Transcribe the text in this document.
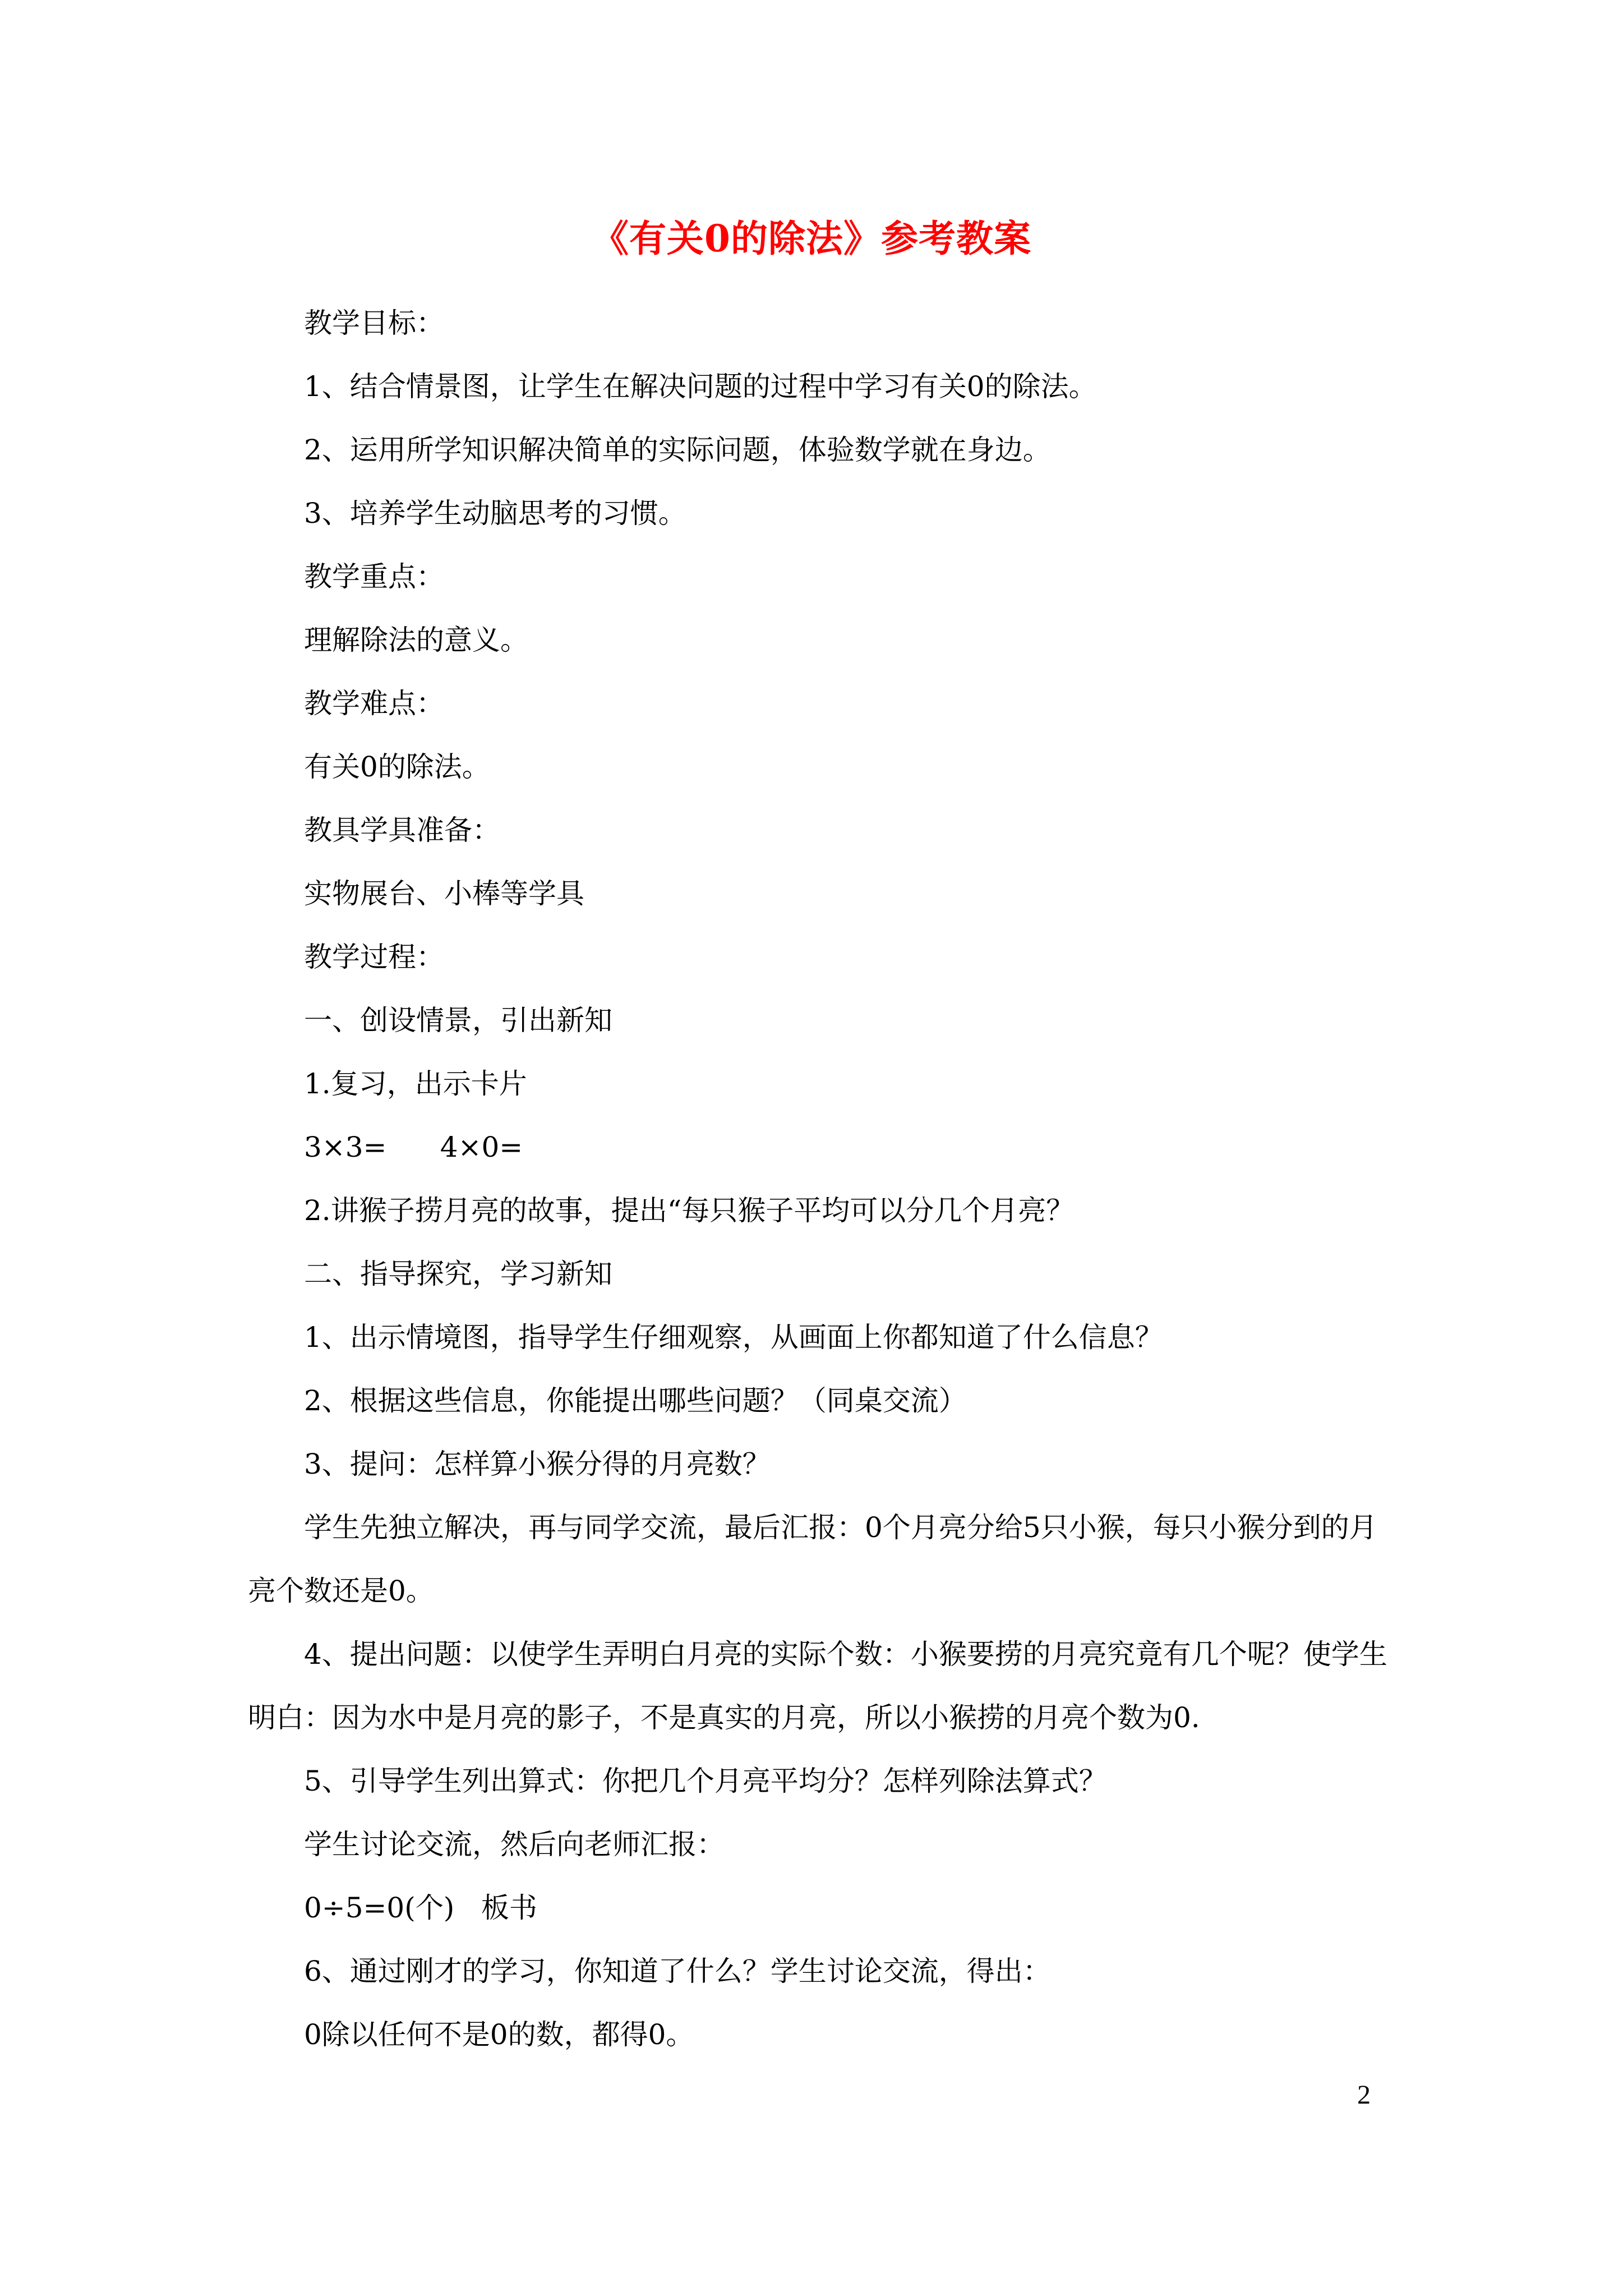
《有关0的除法》参考教案

教学目标：

1、结合情景图，让学生在解决问题的过程中学习有关0的除法。

2、运用所学知识解决简单的实际问题，体验数学就在身边。

3、培养学生动脑思考的习惯。

教学重点：

理解除法的意义。

教学难点：

有关0的除法。

教具学具准备：

实物展台、小棒等学具

教学过程：

一、创设情景，引出新知

1.复习，出示卡片

3×3=      4×0=

2.讲猴子捞月亮的故事，提出“每只猴子平均可以分几个月亮？

二、指导探究，学习新知

1、出示情境图，指导学生仔细观察，从画面上你都知道了什么信息？

2、根据这些信息，你能提出哪些问题？（同桌交流）

3、提问：怎样算小猴分得的月亮数？

学生先独立解决，再与同学交流，最后汇报：0个月亮分给5只小猴，每只小猴分到的月亮个数还是0。

4、提出问题：以使学生弄明白月亮的实际个数：小猴要捞的月亮究竟有几个呢？使学生明白：因为水中是月亮的影子，不是真实的月亮，所以小猴捞的月亮个数为0.

5、引导学生列出算式：你把几个月亮平均分？怎样列除法算式？

学生讨论交流，然后向老师汇报：

0÷5=0(个)   板书

6、通过刚才的学习，你知道了什么？学生讨论交流，得出：

0除以任何不是0的数，都得0。

2
